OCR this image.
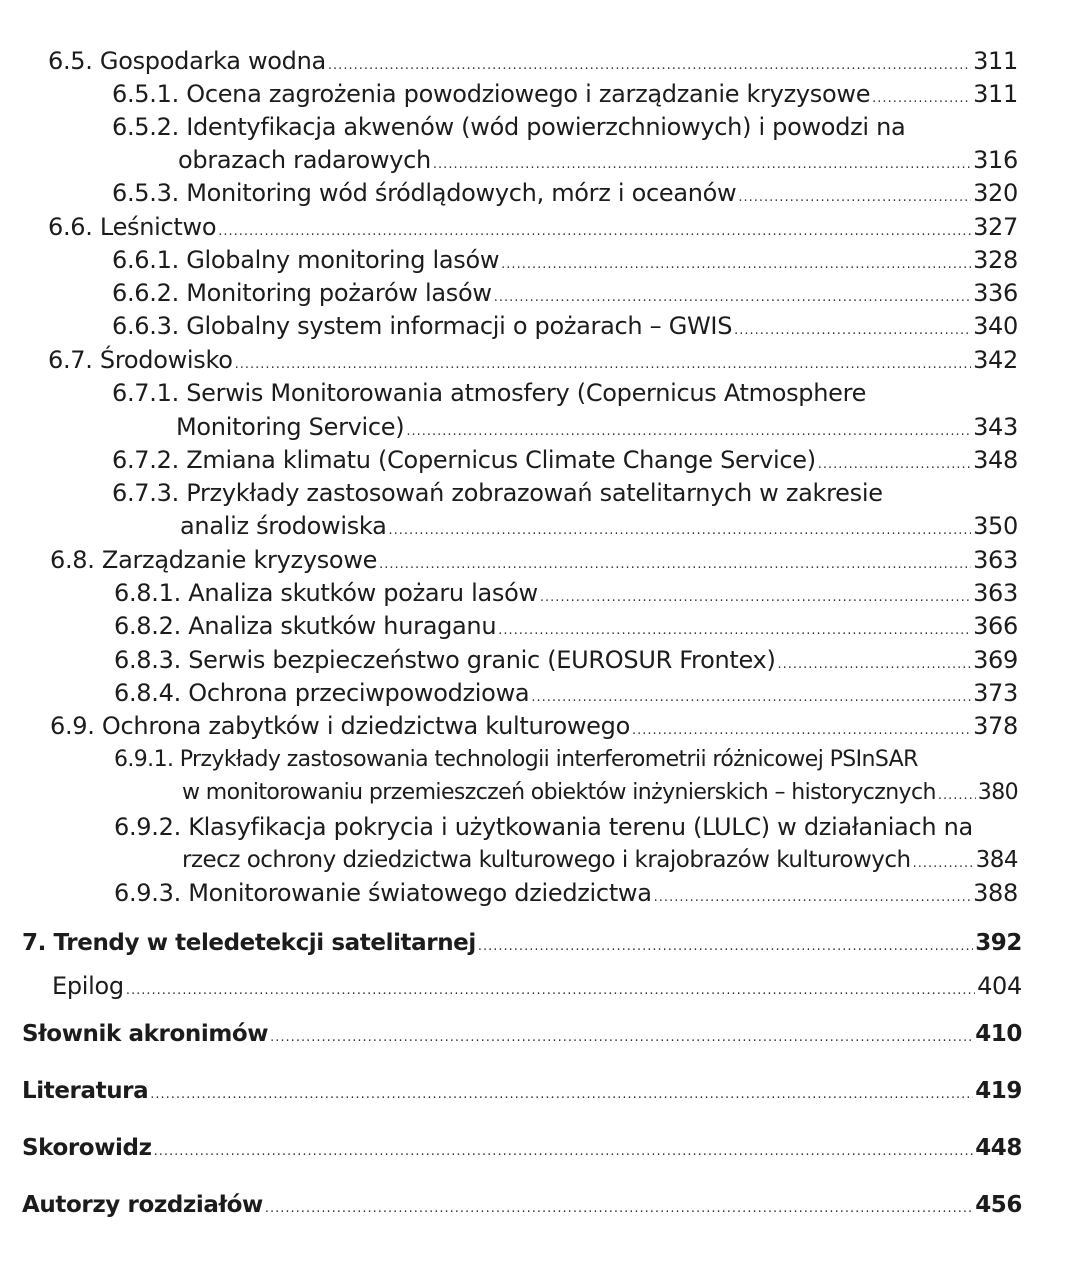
6.5. Gospodarka wodna .....	311
6.5.1. Ocena zagrożenia powodziowego i zarządzanie kryzysowe .....	311
6.5.2. Identyfikacja akwenów (wód powierzchniowych) i powodzi na
obrazach radarowych .....	316
6.5.3. Monitoring wód śródlądowych, mórz i oceanów .....	320
6.6. Leśnictwo .....	327
6.6.1. Globalny monitoring lasów .....	328
6.6.2. Monitoring pożarów lasów .....	336
6.6.3. Globalny system informacji o pożarach – GWIS .....	340
6.7. Środowisko .....	342
6.7.1. Serwis Monitorowania atmosfery (Copernicus Atmosphere
Monitoring Service) .....	343
6.7.2. Zmiana klimatu (Copernicus Climate Change Service) .....	348
6.7.3. Przykłady zastosowań zobrazowań satelitarnych w zakresie
analiz środowiska .....	350
6.8. Zarządzanie kryzysowe .....	363
6.8.1. Analiza skutków pożaru lasów .....	363
6.8.2. Analiza skutków huraganu .....	366
6.8.3. Serwis bezpieczeństwo granic (EUROSUR Frontex) .....	369
6.8.4. Ochrona przeciwpowodziowa .....	373
6.9. Ochrona zabytków i dziedzictwa kulturowego .....	378
6.9.1. Przykłady zastosowania technologii interferometrii różnicowej PSInSAR
w monitorowaniu przemieszczeń obiektów inżynierskich – historycznych ..... 380
6.9.2. Klasyfikacja pokrycia i użytkowania terenu (LULC) w działaniach na
rzecz ochrony dziedzictwa kulturowego i krajobrazów kulturowych .....	384
6.9.3. Monitorowanie światowego dziedzictwa .....	388
7. Trendy w teledetekcji satelitarnej .....	392
Epilog .....	404
Słownik akronimów .....	410
Literatura .....	419
Skorowidz .....	448
Autorzy rozdziałów .....	456
